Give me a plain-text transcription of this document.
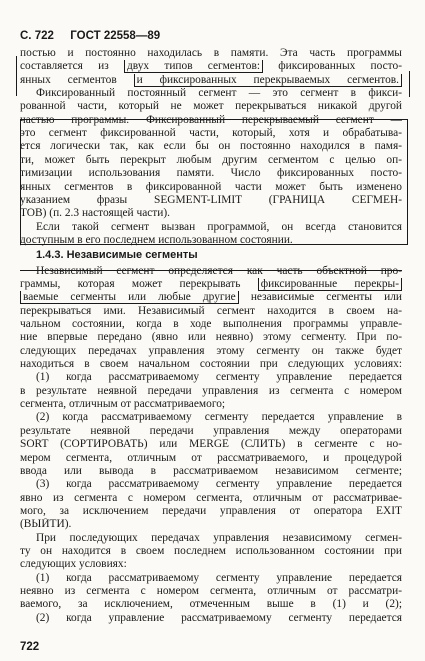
С. 722 ГОСТ 22558—89
постью и постоянно находилась в памяти. Эта часть программы
составляется из двух типов сегментов: фиксированных посто-
янных сегментов и фиксированных перекрываемых сегментов.
Фиксированный постоянный сегмент — это сегмент в фикси-
рованной части, который не может перекрываться никакой другой
частью программы. Фиксированный перекрываемый сегмент —
это сегмент фиксированной части, который, хотя и обрабатыва-
ется логически так, как если бы он постоянно находился в памя-
ти, может быть перекрыт любым другим сегментом с целью оп-
тимизации использования памяти. Число фиксированных посто-
янных сегментов в фиксированной части может быть изменено
указанием фразы SEGMENT-LIMIT (ГРАНИЦА СЕГМЕН-
ТОВ) (п. 2.3 настоящей части).
Если такой сегмент вызван программой, он всегда становится
доступным в его последнем использованном состоянии.
1.4.3. Независимые сегменты
Независимый сегмент определяется как часть объектной про-
граммы, которая может перекрывать фиксированные перекры-
ваемые сегменты или любые другие независимые сегменты или
перекрываться ими. Независимый сегмент находится в своем на-
чальном состоянии, когда в ходе выполнения программы управле-
ние впервые передано (явно или неявно) этому сегменту. При по-
следующих передачах управления этому сегменту он также будет
находиться в своем начальном состоянии при следующих условиях:
(1) когда рассматриваемому сегменту управление передается
в результате неявной передачи управления из сегмента с номером
сегмента, отличным от рассматриваемого;
(2) когда рассматриваемому сегменту передается управление в
результате неявной передачи управления между операторами
SORT (СОРТИРОВАТЬ) или MERGE (СЛИТЬ) в сегменте с но-
мером сегмента, отличным от рассматриваемого, и процедурой
ввода или вывода в рассматриваемом независимом сегменте;
(3) когда рассматриваемому сегменту управление передается
явно из сегмента с номером сегмента, отличным от рассматривае-
мого, за исключением передачи управления от оператора EXIT
(ВЫЙТИ).
При последующих передачах управления независимому сегмен-
ту он находится в своем последнем использованном состоянии при
следующих условиях:
(1) когда рассматриваемому сегменту управление передается
неявно из сегмента с номером сегмента, отличным от рассматри-
ваемого, за исключением, отмеченным выше в (1) и (2);
(2) когда управление рассматриваемому сегменту передается
722
